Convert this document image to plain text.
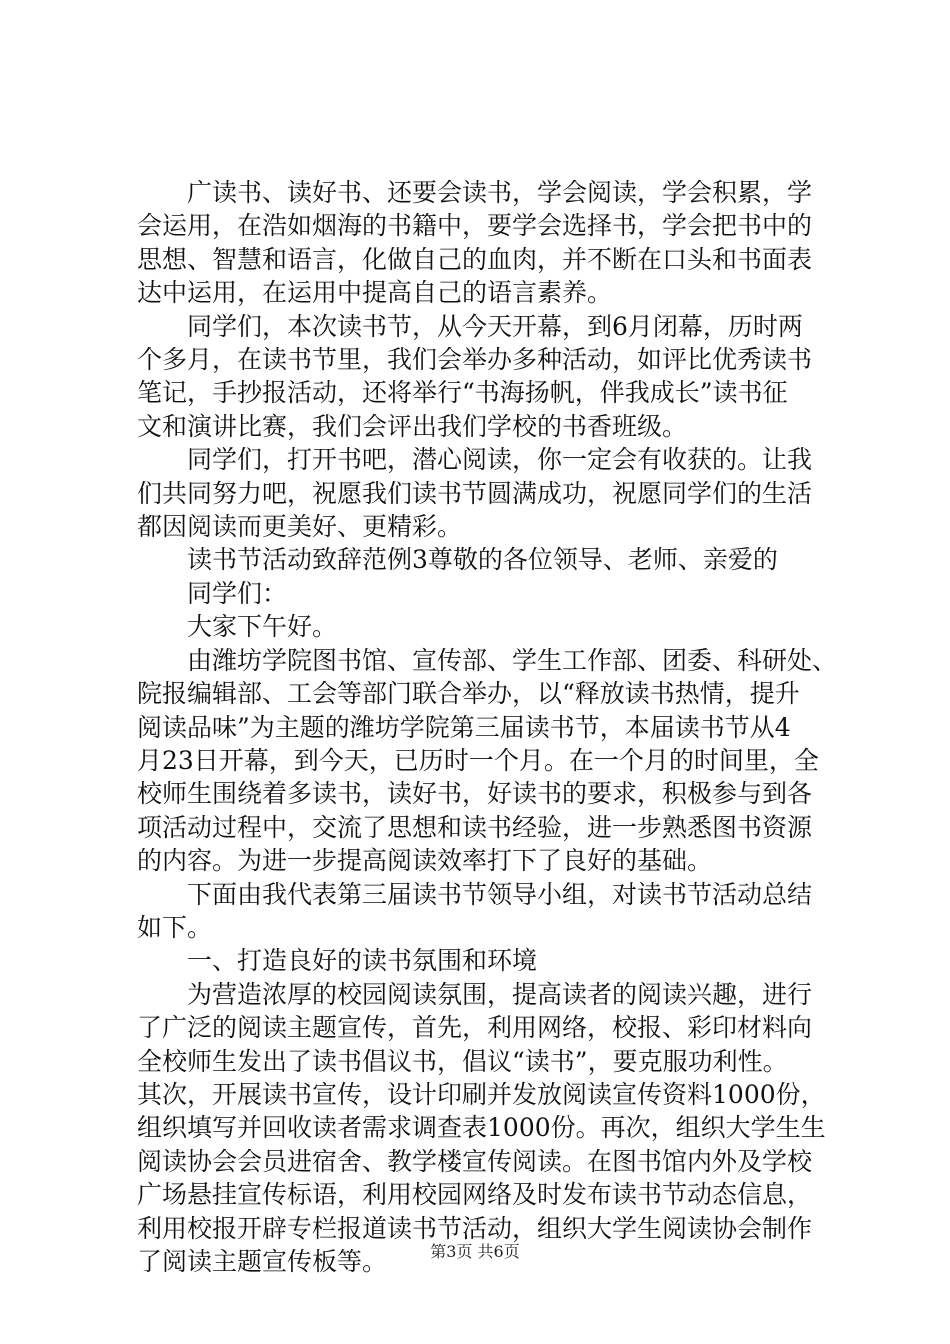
广读书、读好书、还要会读书，学会阅读，学会积累，学
会运用，在浩如烟海的书籍中，要学会选择书，学会把书中的
思想、智慧和语言，化做自己的血肉，并不断在口头和书面表
达中运用，在运用中提高自己的语言素养。
同学们，本次读书节，从今天开幕，到6月闭幕，历时两
个多月，在读书节里，我们会举办多种活动，如评比优秀读书
笔记，手抄报活动，还将举行“书海扬帆，伴我成长”读书征
文和演讲比赛，我们会评出我们学校的书香班级。
同学们，打开书吧，潜心阅读，你一定会有收获的。让我
们共同努力吧，祝愿我们读书节圆满成功，祝愿同学们的生活
都因阅读而更美好、更精彩。
读书节活动致辞范例3尊敬的各位领导、老师、亲爱的
同学们：
大家下午好。
由潍坊学院图书馆、宣传部、学生工作部、团委、科研处、
院报编辑部、工会等部门联合举办，以“释放读书热情，提升
阅读品味”为主题的潍坊学院第三届读书节，本届读书节从4
月23日开幕，到今天，已历时一个月。在一个月的时间里，全
校师生围绕着多读书，读好书，好读书的要求，积极参与到各
项活动过程中，交流了思想和读书经验，进一步熟悉图书资源
的内容。为进一步提高阅读效率打下了良好的基础。
下面由我代表第三届读书节领导小组，对读书节活动总结
如下。
一、打造良好的读书氛围和环境
为营造浓厚的校园阅读氛围，提高读者的阅读兴趣，进行
了广泛的阅读主题宣传，首先，利用网络，校报、彩印材料向
全校师生发出了读书倡议书，倡议“读书”，要克服功利性。
其次，开展读书宣传，设计印刷并发放阅读宣传资料1000份，
组织填写并回收读者需求调查表1000份。再次，组织大学生生
阅读协会会员进宿舍、教学楼宣传阅读。在图书馆内外及学校
广场悬挂宣传标语，利用校园网络及时发布读书节动态信息，
利用校报开辟专栏报道读书节活动，组织大学生阅读协会制作
了阅读主题宣传板等。	第3页 共6页
